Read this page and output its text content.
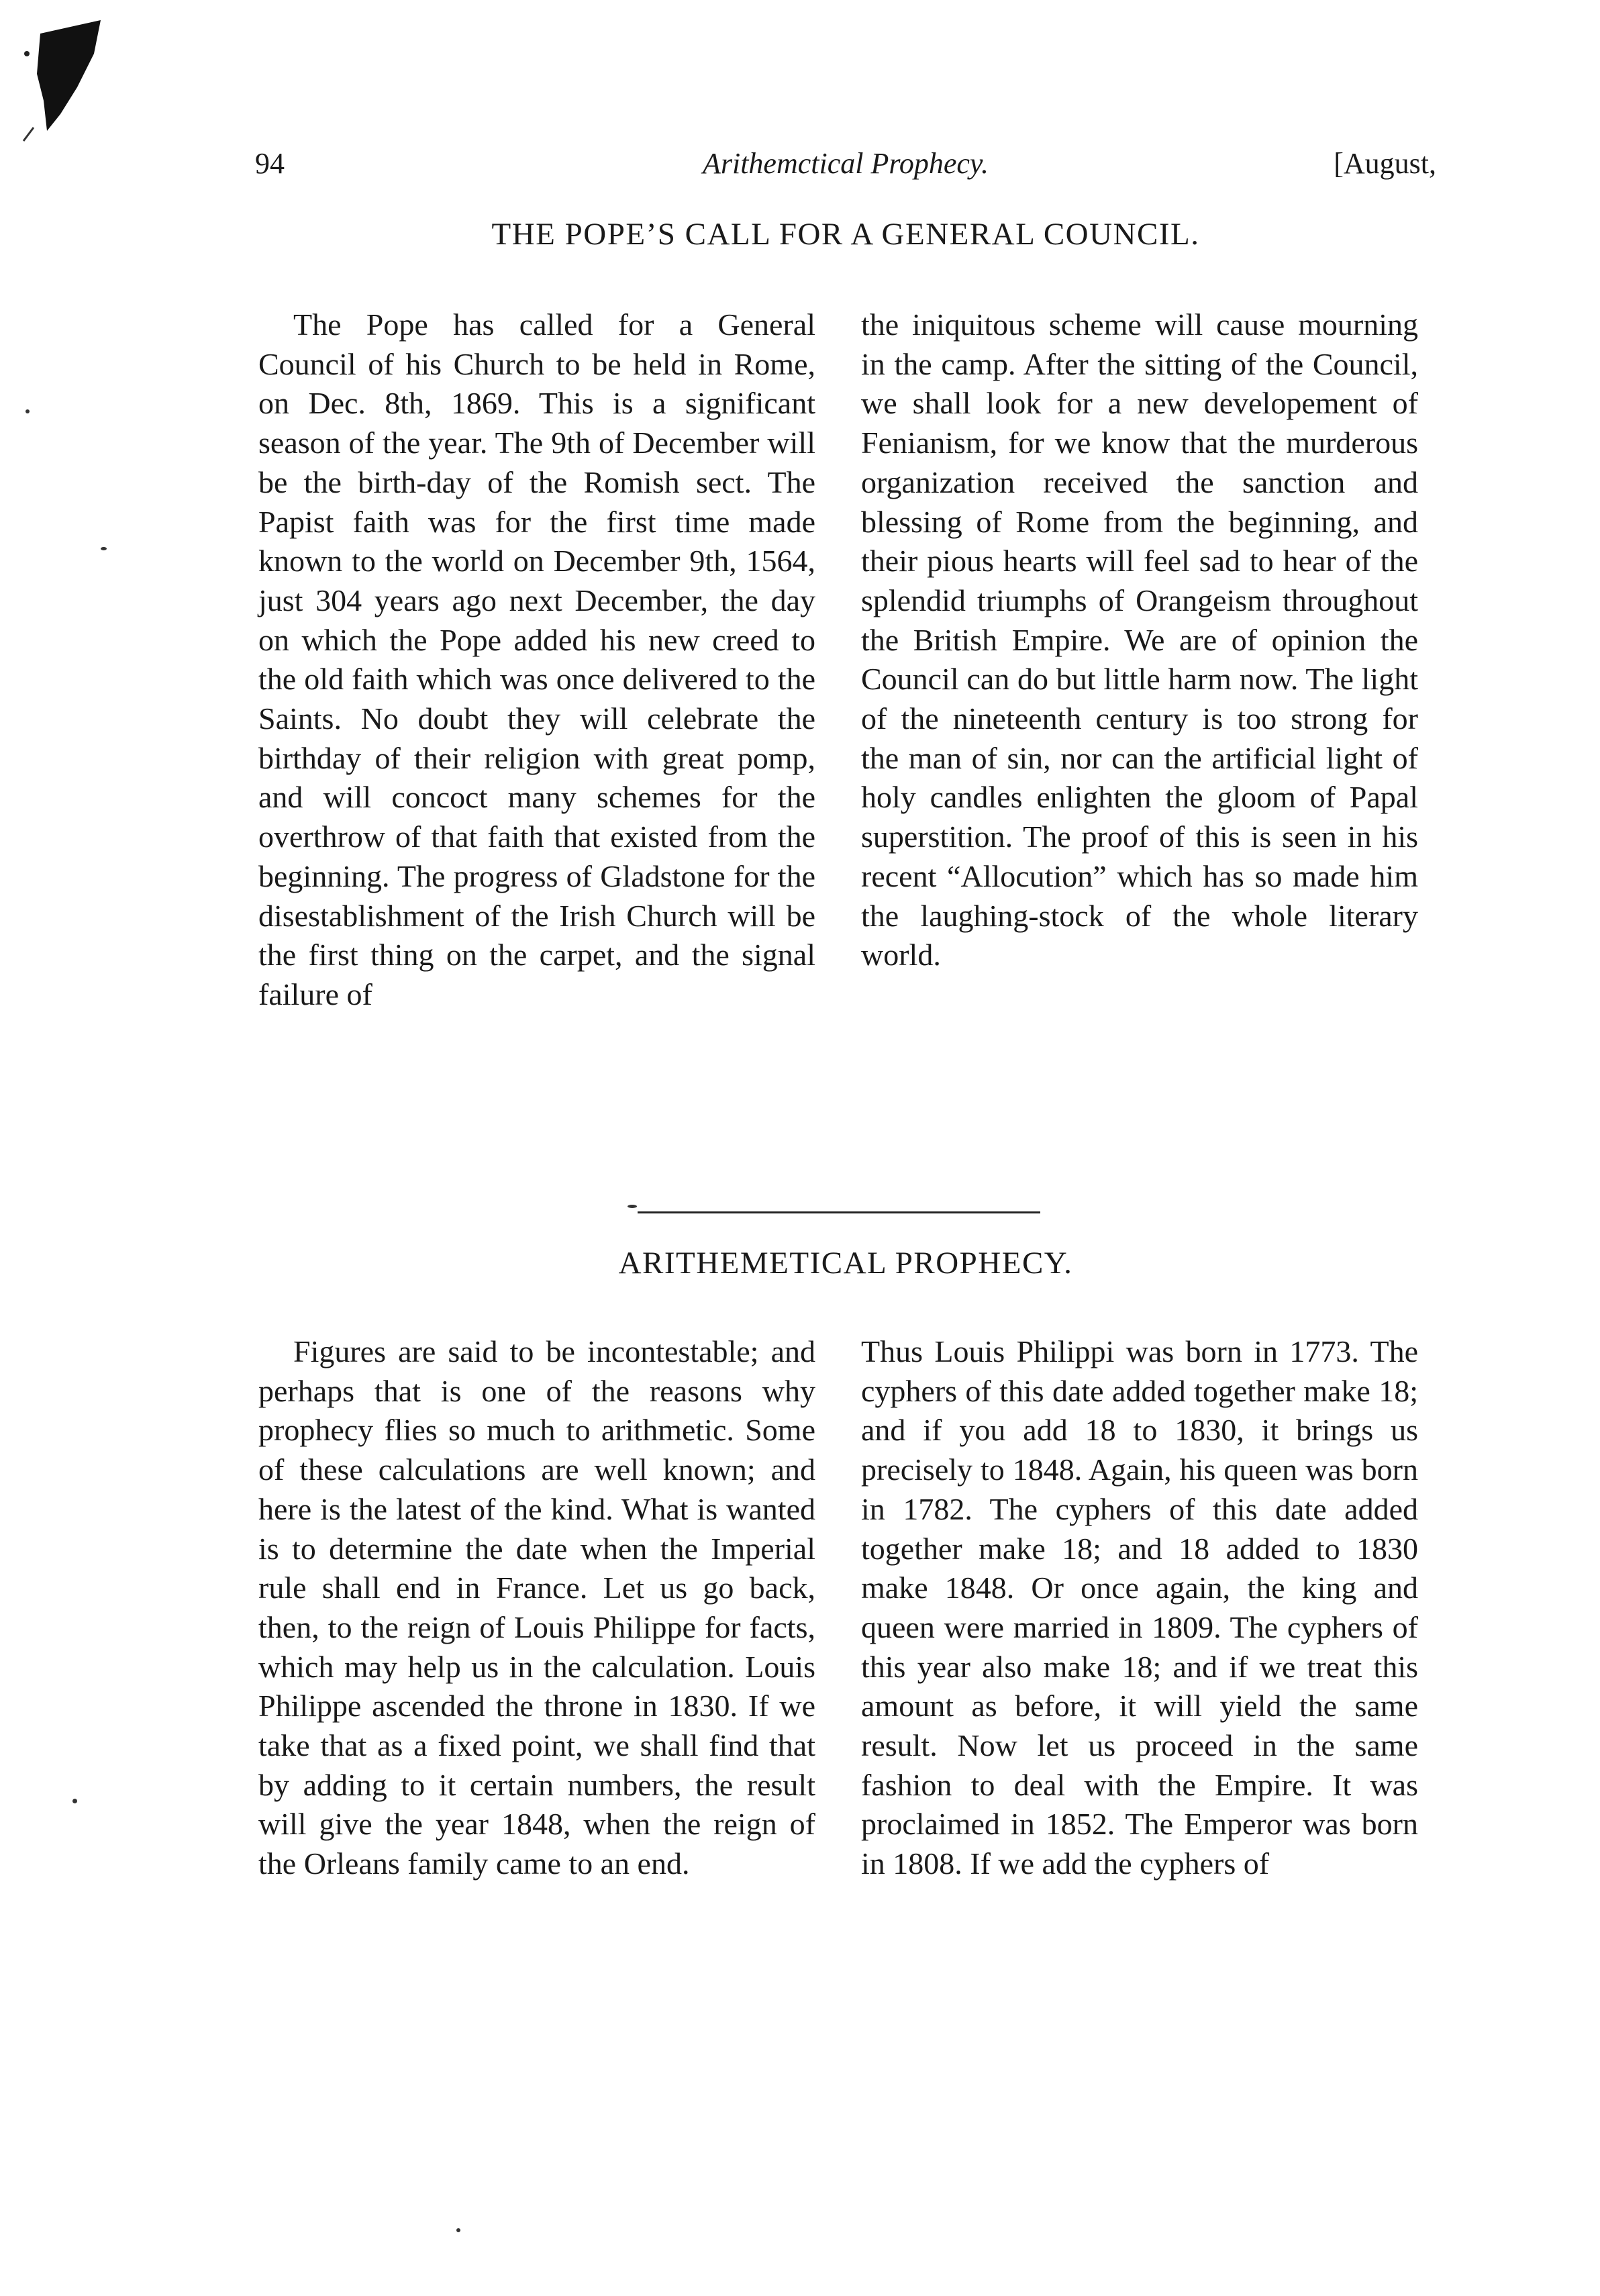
94	Arithemctical Prophecy.	[August,
THE POPE’S CALL FOR A GENERAL COUNCIL.

The Pope has called for a General Council of his Church to be held in Rome, on Dec. 8th, 1869. This is a significant season of the year. The 9th of December will be the birth-day of the Romish sect. The Papist faith was for the first time made known to the world on December 9th, 1564, just 304 years ago next December, the day on which the Pope added his new creed to the old faith which was once delivered to the Saints. No doubt they will celebrate the birthday of their religion with great pomp, and will concoct many schemes for the overthrow of that faith that existed from the beginning. The progress of Gladstone for the disestablishment of the Irish Church will be the first thing on the carpet, and the signal failure of

the iniquitous scheme will cause mourning in the camp. After the sitting of the Council, we shall look for a new developement of Fenianism, for we know that the murderous organization received the sanction and blessing of Rome from the beginning, and their pious hearts will feel sad to hear of the splendid triumphs of Orangeism throughout the British Empire. We are of opinion the Council can do but little harm now. The light of the nineteenth century is too strong for the man of sin, nor can the artificial light of holy candles enlighten the gloom of Papal superstition. The proof of this is seen in his recent “Allocution” which has so made him the laughing-stock of the whole literary world.

ARITHEMETICAL PROPHECY.

Figures are said to be incontestable; and perhaps that is one of the reasons why prophecy flies so much to arithmetic. Some of these calculations are well known; and here is the latest of the kind. What is wanted is to determine the date when the Imperial rule shall end in France. Let us go back, then, to the reign of Louis Philippe for facts, which may help us in the calculation. Louis Philippe ascended the throne in 1830. If we take that as a fixed point, we shall find that by adding to it certain numbers, the result will give the year 1848, when the reign of the Orleans family came to an end.

Thus Louis Philippi was born in 1773. The cyphers of this date added together make 18; and if you add 18 to 1830, it brings us precisely to 1848. Again, his queen was born in 1782. The cyphers of this date added together make 18; and 18 added to 1830 make 1848. Or once again, the king and queen were married in 1809. The cyphers of this year also make 18; and if we treat this amount as before, it will yield the same result. Now let us proceed in the same fashion to deal with the Empire. It was proclaimed in 1852. The Emperor was born in 1808. If we add the cyphers of
